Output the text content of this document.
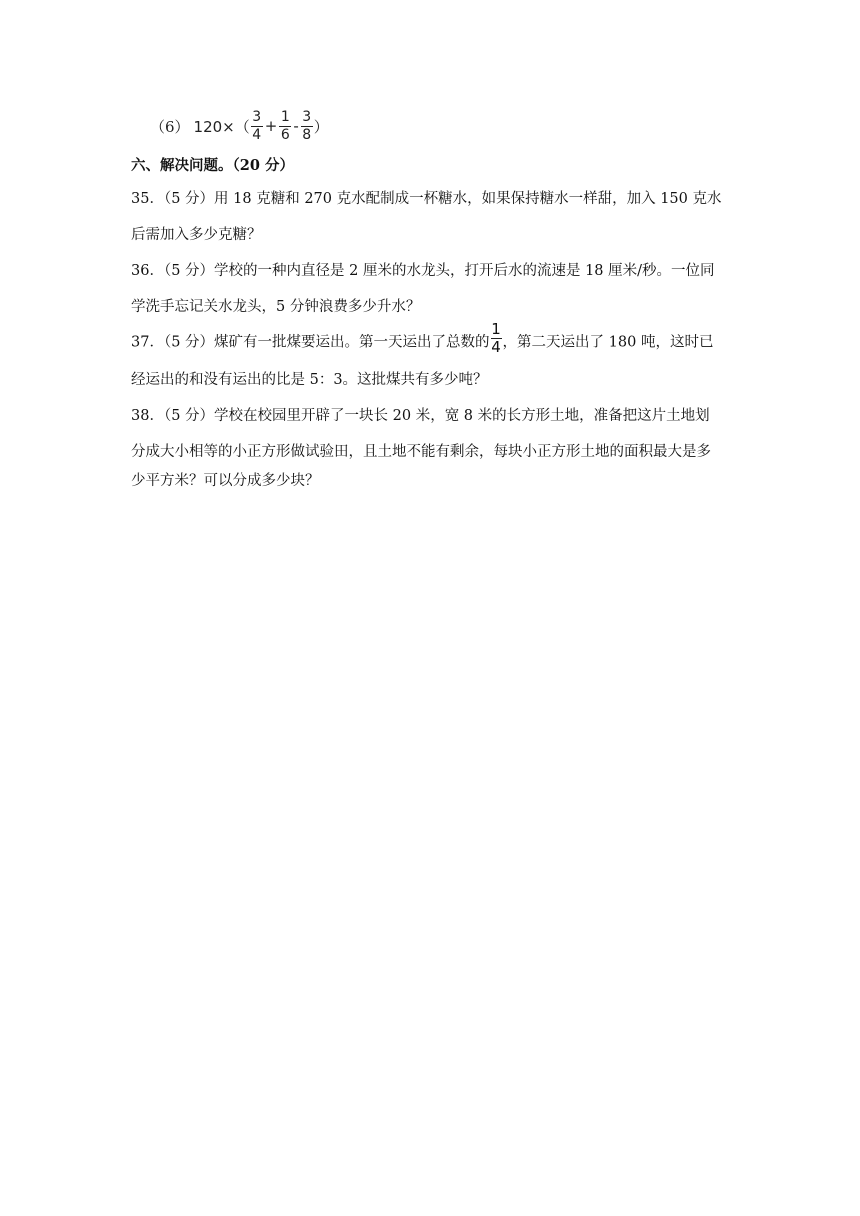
（6） $120\times( \frac{3}{4} + \frac{1}{6} - \frac{3}{8}$ ）
六、解决问题。（20 分）
35．（5 分）用 18 克糖和 270 克水配制成一杯糖水，如果保持糖水一样甜，加入 150 克水
后需加入多少克糖？
36．（5 分）学校的一种内直径是 2 厘米的水龙头，打开后水的流速是 18 厘米/秒。一位同
学洗手忘记关水龙头，5 分钟浪费多少升水？
37．（5 分）煤矿有一批煤要运出。第一天运出了总数的 $\frac{1}{4}$ ，第二天运出了 180 吨，这时已
经运出的和没有运出的比是 5：3。这批煤共有多少吨？
38．（5 分）学校在校园里开辟了一块长 20 米，宽 8 米的长方形土地，准备把这片土地划
分成大小相等的小正方形做试验田，且土地不能有剩余，每块小正方形土地的面积最大是多
少平方米？可以分成多少块？
